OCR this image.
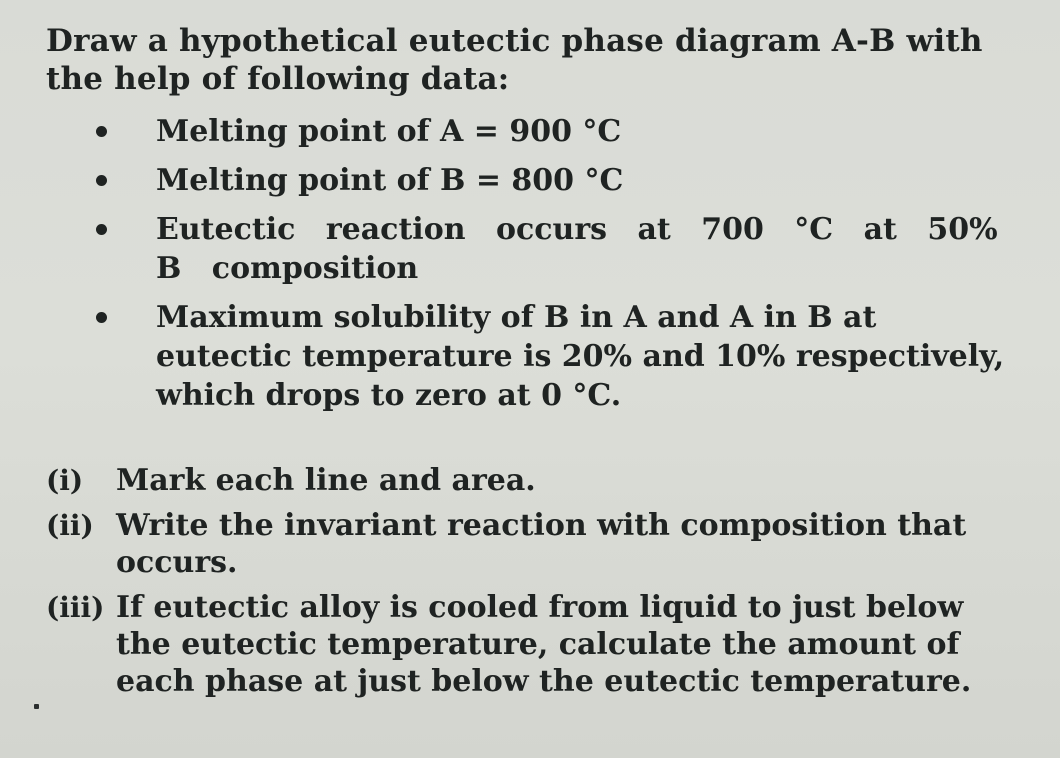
Draw a hypothetical eutectic phase diagram A-B with the help of following data:
Melting point of A = 900 °C
Melting point of B = 800 °C
Eutectic reaction occurs at 700 °C at 50% B composition
Maximum solubility of B in A and A in B at eutectic temperature is 20% and 10% respectively, which drops to zero at 0 °C.
(i) Mark each line and area.
(ii) Write the invariant reaction with composition that occurs.
(iii) If eutectic alloy is cooled from liquid to just below the eutectic temperature, calculate the amount of each phase at just below the eutectic temperature.
